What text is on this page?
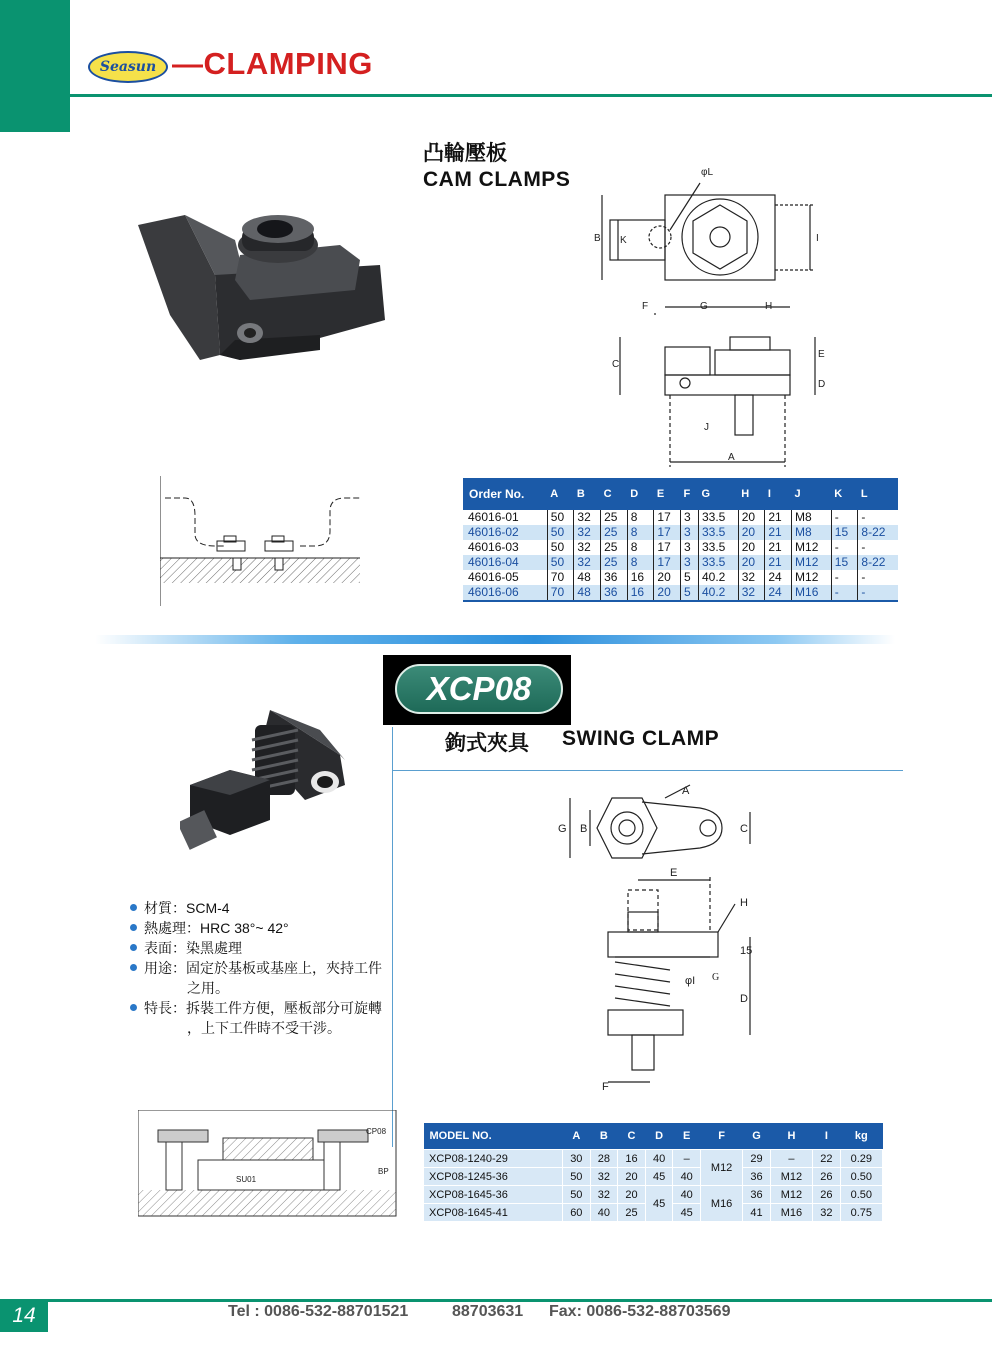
Seasun —CLAMPING
凸輪壓板
CAM CLAMPS	φL
B K	I
F	G	H
C
E
D
J
A
Order No.	A	B	C	D	E	F	G	H	I	J	K	L
46016-01	50	32	25	8	17	3	33.5	20	21	M8	-	-
46016-02	50	32	25	8	17	3	33.5	20	21	M8	15	8-22
46016-03	50	32	25	8	17	3	33.5	20	21	M12	-	-
46016-04	50	32	25	8	17	3	33.5	20	21	M12	15	8-22
46016-05	70	48	36	16	20	5	40.2	32	24	M12	-	-
46016-06	70	48	36	16	20	5	40.2	32	24	M16	-	-
XCP08
鉤式夾具 SWING CLAMP
材質：SCM-4
熱處理：HRC 38°~ 42°
表面：染黑處理
用途：固定於基板或基座上，夾持工件
之用。
特長：拆裝工件方便，壓板部分可旋轉
，上下工件時不受干涉。
G B	C
A
E
H
15
φI G
D
F
CP08
BP
SU01
MODEL NO.	A	B	C	D	E	F	G	H	I	kg
XCP08-1240-29	30	28	16	40	–	M12	29	–	22	0.29
XCP08-1245-36	50	32	20	45	40		36	M12	26	0.50
XCP08-1645-36	50	32	20	45	40	M16	36	M12	26	0.50
XCP08-1645-41	60	40	25		45		41	M16	32	0.75
14	Tel : 0086-532-88701521	88703631 Fax: 0086-532-88703569
